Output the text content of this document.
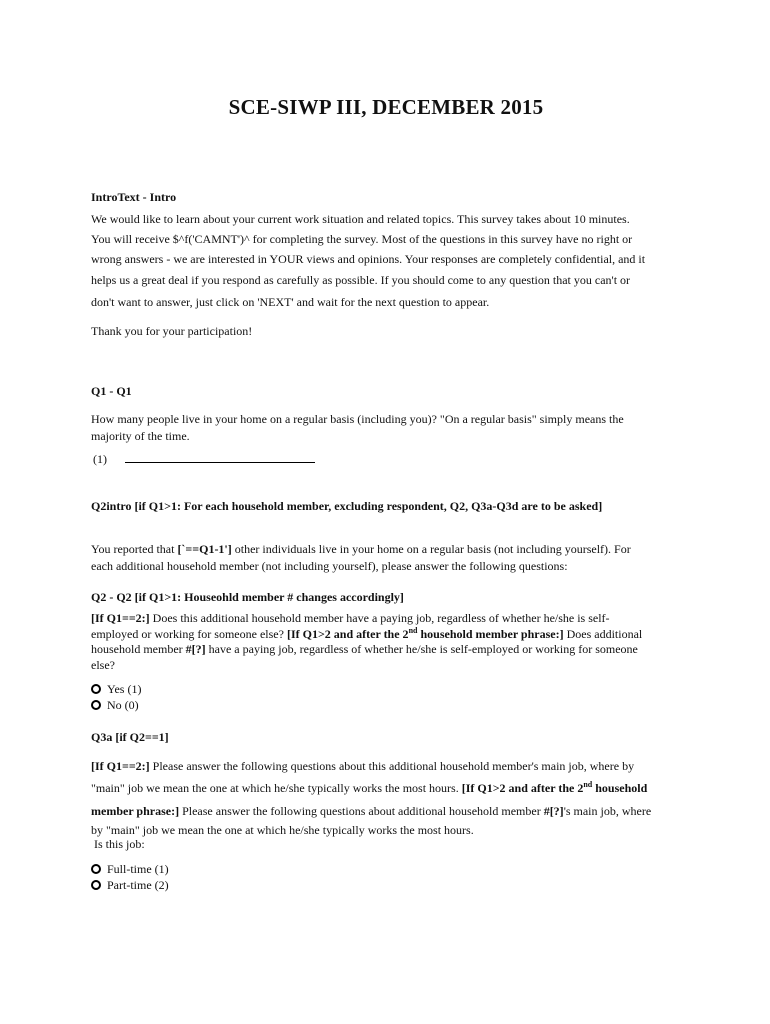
SCE-SIWP III, DECEMBER 2015
IntroText - Intro
We would like to learn about your current work situation and related topics. This survey takes about 10 minutes.
You will receive $^f('CAMNT')^ for completing the survey. Most of the questions in this survey have no right or
wrong answers - we are interested in YOUR views and opinions. Your responses are completely confidential, and it
helps us a great deal if you respond as carefully as possible. If you should come to any question that you can't or
don't want to answer, just click on 'NEXT' and wait for the next question to appear.
Thank you for your participation!
Q1 - Q1
How many people live in your home on a regular basis (including you)? "On a regular basis" simply means the
majority of the time.
(1)
Q2intro [if Q1>1: For each household member, excluding respondent, Q2, Q3a-Q3d are to be asked]
You reported that [`==Q1-1'] other individuals live in your home on a regular basis (not including yourself). For
each additional household member (not including yourself), please answer the following questions:
Q2 - Q2 [if Q1>1: Houseohld member # changes accordingly]
[If Q1==2:] Does this additional household member have a paying job, regardless of whether he/she is self-
employed or working for someone else? [If Q1>2 and after the 2nd household member phrase:] Does additional
household member #[?] have a paying job, regardless of whether he/she is self-employed or working for someone
else?
Yes (1)
No (0)
Q3a [if Q2==1]
[If Q1==2:] Please answer the following questions about this additional household member's main job, where by
"main" job we mean the one at which he/she typically works the most hours. [If Q1>2 and after the 2nd household
member phrase:] Please answer the following questions about additional household member #[?]'s main job, where
by "main" job we mean the one at which he/she typically works the most hours.
Is this job:
Full-time (1)
Part-time (2)
